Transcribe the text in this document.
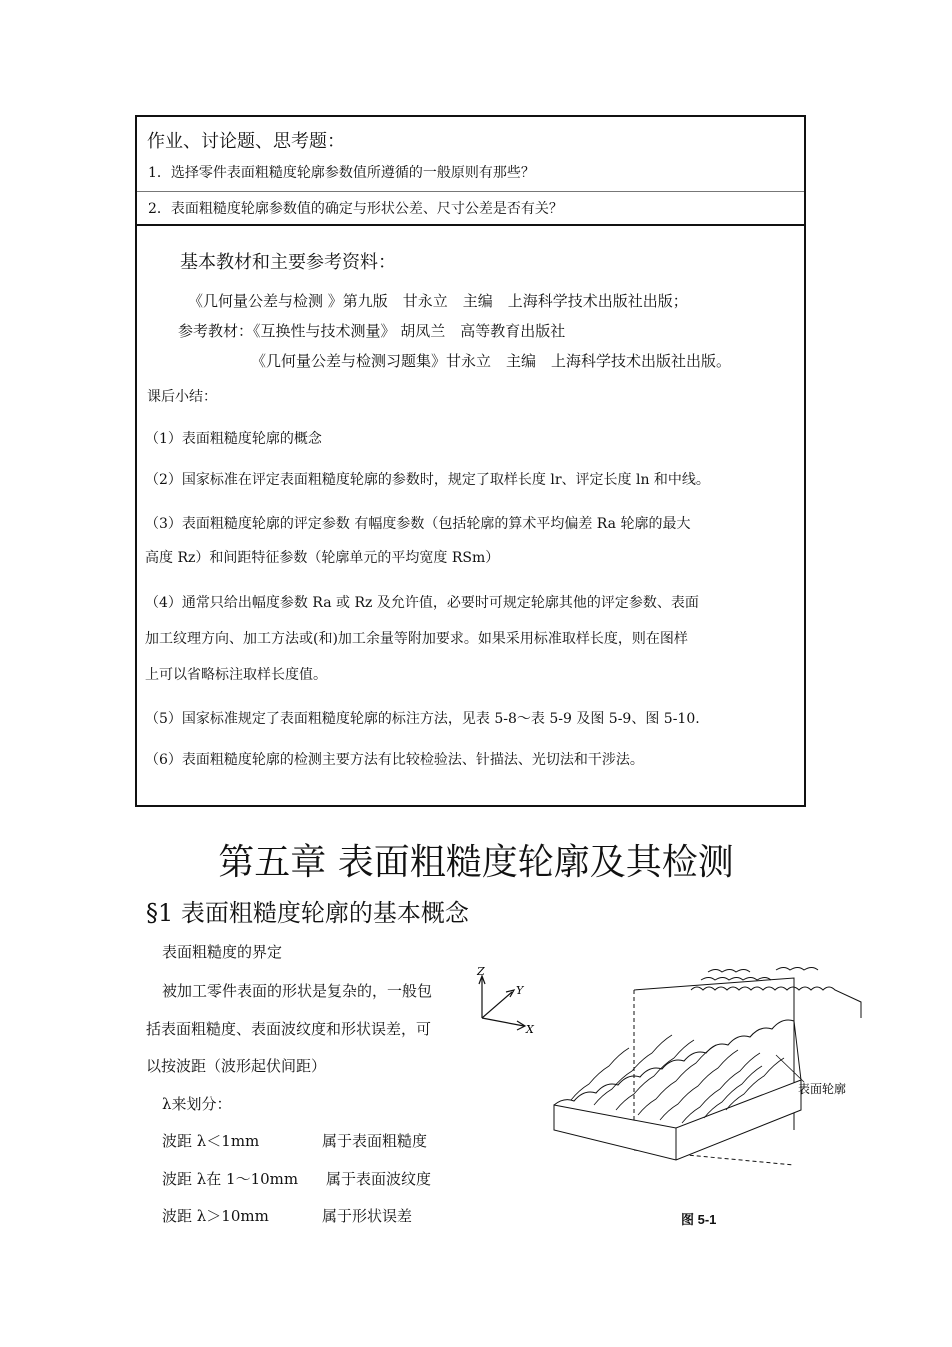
作业、讨论题、思考题：
1．选择零件表面粗糙度轮廓参数值所遵循的一般原则有那些？
2．表面粗糙度轮廓参数值的确定与形状公差、尺寸公差是否有关？
基本教材和主要参考资料：
《几何量公差与检测 》第九版　甘永立　主编　上海科学技术出版社出版；
参考教材：《互换性与技术测量》 胡凤兰　高等教育出版社
《几何量公差与检测习题集》甘永立　主编　上海科学技术出版社出版。
课后小结：
（1）表面粗糙度轮廓的概念
（2）国家标准在评定表面粗糙度轮廓的参数时，规定了取样长度 lr、评定长度 ln 和中线。
（3）表面粗糙度轮廓的评定参数 有幅度参数（包括轮廓的算术平均偏差 Ra 轮廓的最大
高度 Rz）和间距特征参数（轮廓单元的平均宽度 RSm）
（4）通常只给出幅度参数 Ra 或 Rz 及允许值，必要时可规定轮廓其他的评定参数、表面
加工纹理方向、加工方法或(和)加工余量等附加要求。如果采用标准取样长度，则在图样
上可以省略标注取样长度值。
（5）国家标准规定了表面粗糙度轮廓的标注方法，见表 5-8～表 5-9 及图 5-9、图 5-10.
（6）表面粗糙度轮廓的检测主要方法有比较检验法、针描法、光切法和干涉法。
第五章 表面粗糙度轮廓及其检测
§1 表面粗糙度轮廓的基本概念
表面粗糙度的界定
被加工零件表面的形状是复杂的，一般包
括表面粗糙度、表面波纹度和形状误差，可
以按波距（波形起伏间距）
λ来划分：
波距 λ＜1mm	属于表面粗糙度
波距 λ在 1～10mm 属于表面波纹度
波距 λ＞10mm	属于形状误差
Z
Y
X
表面轮廓
图 5-1
